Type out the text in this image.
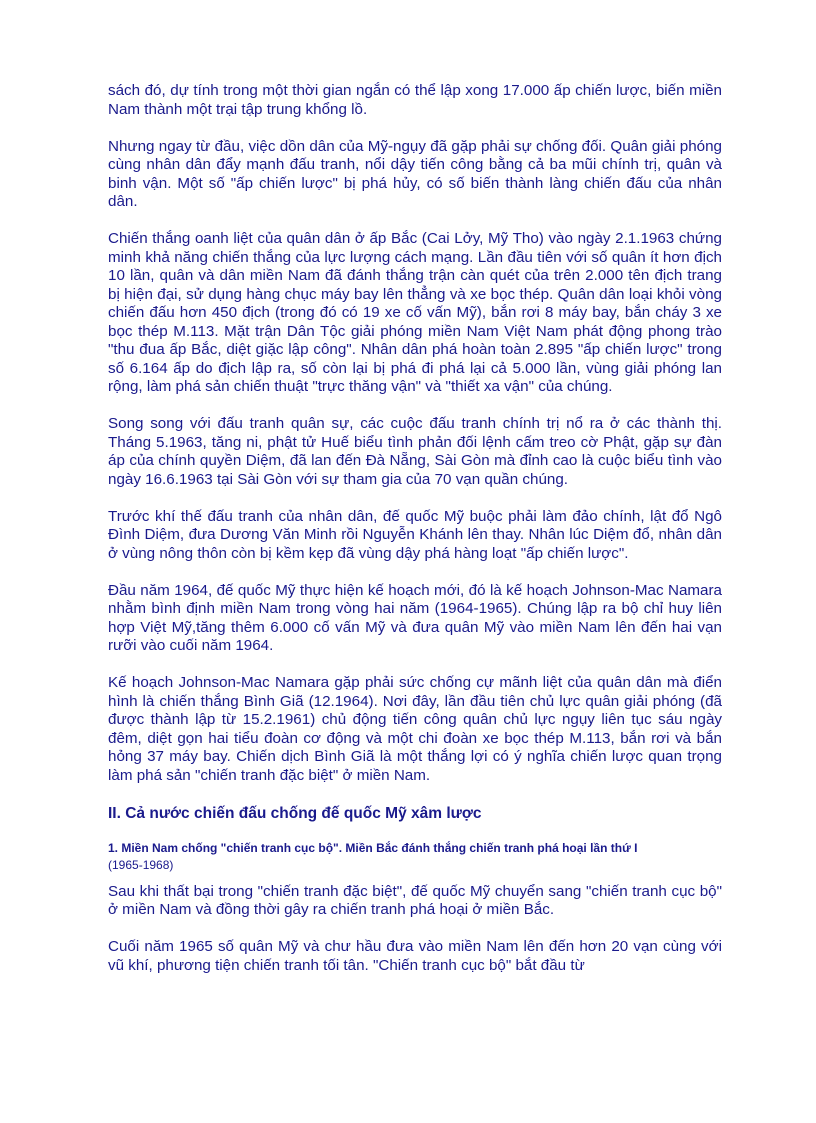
sách đó, dự tính trong một thời gian ngắn có thể lập xong 17.000 ấp chiến lược, biến miền Nam thành một trại tập trung khổng lồ.

Nhưng ngay từ đầu, việc dồn dân của Mỹ-ngụy đã gặp phải sự chống đối. Quân giải phóng cùng nhân dân đẩy mạnh đấu tranh, nổi dậy tiến công bằng cả ba mũi chính trị, quân và binh vận. Một số "ấp chiến lược" bị phá hủy, có số biến thành làng chiến đấu của nhân dân.

Chiến thắng oanh liệt của quân dân ở ấp Bắc (Cai Lởy, Mỹ Tho) vào ngày 2.1.1963 chứng minh khả năng chiến thắng của lực lượng cách mạng. Lần đầu tiên với số quân ít hơn địch 10 lần, quân và dân miền Nam đã đánh thắng trận càn quét của trên 2.000 tên địch trang bị hiện đại, sử dụng hàng chục máy bay lên thẳng và xe bọc thép. Quân dân loại khỏi vòng chiến đấu hơn 450 địch (trong đó có 19 xe cố vấn Mỹ), bắn rơi 8 máy bay, bắn cháy 3 xe bọc thép M.113. Mặt trận Dân Tộc giải phóng miền Nam Việt Nam phát động phong trào "thu đua ấp Bắc, diệt giặc lập công". Nhân dân phá hoàn toàn 2.895 "ấp chiến lược" trong số 6.164 ấp do địch lập ra, số còn lại bị phá đi phá lại cả 5.000 lần, vùng giải phóng lan rộng, làm phá sản chiến thuật "trực thăng vận" và "thiết xa vận" của chúng.

Song song với đấu tranh quân sự, các cuộc đấu tranh chính trị nổ ra ở các thành thị. Tháng 5.1963, tăng ni, phật tử Huế biểu tình phản đối lệnh cấm treo cờ Phật, gặp sự đàn áp của chính quyền Diệm, đã lan đến Đà Nẵng, Sài Gòn mà đỉnh cao là cuộc biểu tình vào ngày 16.6.1963 tại Sài Gòn với sự tham gia của 70 vạn quần chúng.

Trước khí thế đấu tranh của nhân dân, đế quốc Mỹ buộc phải làm đảo chính, lật đổ Ngô Đình Diệm, đưa Dương Văn Minh rồi Nguyễn Khánh lên thay. Nhân lúc Diệm đổ, nhân dân ở vùng nông thôn còn bị kềm kẹp đã vùng dậy phá hàng loạt "ấp chiến lược".

Đầu năm 1964, đế quốc Mỹ thực hiện kế hoạch mới, đó là kế hoạch Johnson-Mac Namara nhằm bình định miền Nam trong vòng hai năm (1964-1965). Chúng lập ra bộ chỉ huy liên hợp Việt Mỹ,tăng thêm 6.000 cố vấn Mỹ và đưa quân Mỹ vào miền Nam lên đến hai vạn rưỡi vào cuối năm 1964.

Kế hoạch Johnson-Mac Namara gặp phải sức chống cự mãnh liệt của quân dân mà điển hình là chiến thắng Bình Giã (12.1964). Nơi đây, lần đầu tiên chủ lực quân giải phóng (đã được thành lập từ 15.2.1961) chủ động tiến công quân chủ lực ngụy liên tục sáu ngày đêm, diệt gọn hai tiểu đoàn cơ động và một chi đoàn xe bọc thép M.113, bắn rơi và bắn hỏng 37 máy bay. Chiến dịch Bình Giã là một thắng lợi có ý nghĩa chiến lược quan trọng làm phá sản "chiến tranh đặc biệt" ở miền Nam.

II. Cả nước chiến đấu chống đế quốc Mỹ xâm lược
1. Miền Nam chống "chiến tranh cục bộ". Miền Bắc đánh thắng chiến tranh phá hoại lần thứ I
(1965-1968)

Sau khi thất bại trong "chiến tranh đặc biệt", đế quốc Mỹ chuyển sang "chiến tranh cục bộ" ở miền Nam và đồng thời gây ra chiến tranh phá hoại ở miền Bắc.

Cuối năm 1965 số quân Mỹ và chư hầu đưa vào miền Nam lên đến hơn 20 vạn cùng với vũ khí, phương tiện chiến tranh tối tân. "Chiến tranh cục bộ" bắt đầu từ
